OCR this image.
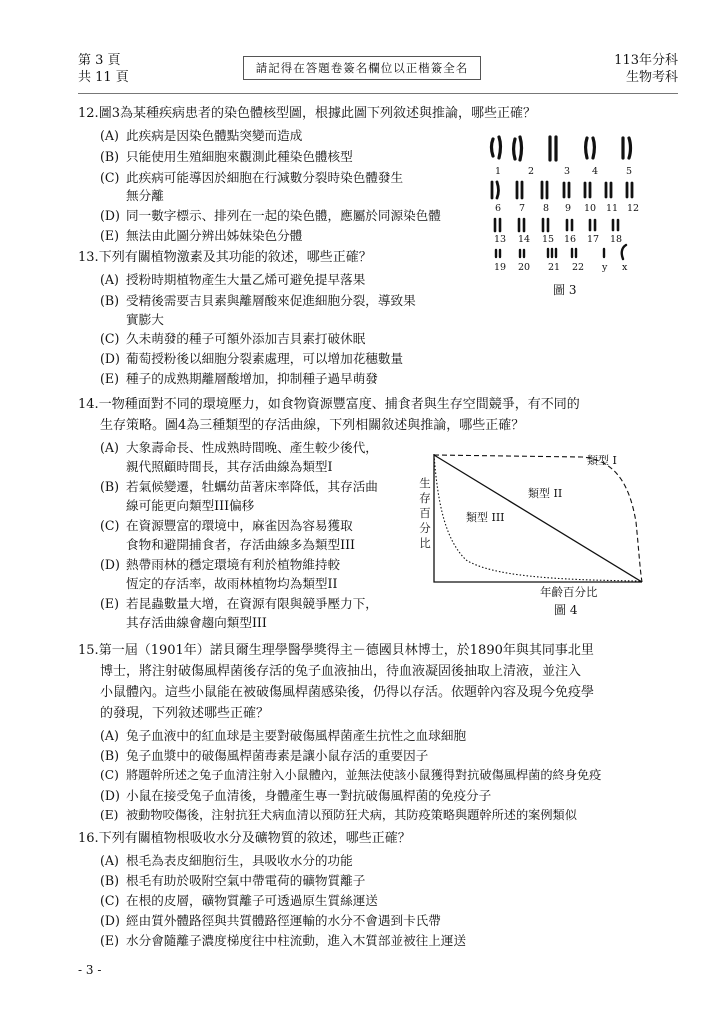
第 3 頁
共 11 頁
請記得在答題卷簽名欄位以正楷簽全名	113年分科
生物考科
12.圖3為某種疾病患者的染色體核型圖，根據此圖下列敘述與推論，哪些正確？
(A) 此疾病是因染色體點突變而造成
(B) 只能使用生殖細胞來觀測此種染色體核型
(C) 此疾病可能導因於細胞在行減數分裂時染色體發生
無分離
(D) 同一數字標示、排列在一起的染色體，應屬於同源染色體
(E) 無法由此圖分辨出姊妹染色分體
1	2	3 4	5
6 7 8 9 10 11 12
13 14 15 16 17 18
19 20 21 22 y x
圖 3
13.下列有關植物激素及其功能的敘述，哪些正確？
(A) 授粉時期植物產生大量乙烯可避免提早落果
(B) 受精後需要吉貝素與離層酸來促進細胞分裂，導致果
實膨大
(C) 久未萌發的種子可額外添加吉貝素打破休眠
(D) 葡萄授粉後以細胞分裂素處理，可以增加花穗數量
(E) 種子的成熟期離層酸增加，抑制種子過早萌發
14.一物種面對不同的環境壓力，如食物資源豐富度、捕食者與生存空間競爭，有不同的
生存策略。圖4為三種類型的存活曲線，下列相關敘述與推論，哪些正確？
(A) 大象壽命長、性成熟時間晚、產生較少後代，
親代照顧時間長，其存活曲線為類型I
(B) 若氣候變遷，牡蠣幼苗著床率降低，其存活曲
線可能更向類型III偏移
(C) 在資源豐富的環境中，麻雀因為容易獲取
食物和避開捕食者，存活曲線多為類型III
(D) 熱帶雨林的穩定環境有利於植物維持較
恆定的存活率，故雨林植物均為類型II
(E) 若昆蟲數量大增，在資源有限與競爭壓力下，
其存活曲線會趨向類型III
生
存
百
分
比
類型 I
類型 II
類型 III
年齡百分比
圖 4
15.第一屆（1901年）諾貝爾生理學醫學獎得主－德國貝林博士，於1890年與其同事北里
博士，將注射破傷風桿菌後存活的兔子血液抽出，待血液凝固後抽取上清液，並注入
小鼠體內。這些小鼠能在被破傷風桿菌感染後，仍得以存活。依題幹內容及現今免疫學
的發現，下列敘述哪些正確？
(A) 兔子血液中的紅血球是主要對破傷風桿菌產生抗性之血球細胞
(B) 兔子血漿中的破傷風桿菌毒素是讓小鼠存活的重要因子
(C) 將題幹所述之兔子血清注射入小鼠體內，並無法使該小鼠獲得對抗破傷風桿菌的終身免疫
(D) 小鼠在接受兔子血清後，身體產生專一對抗破傷風桿菌的免疫分子
(E) 被動物咬傷後，注射抗狂犬病血清以預防狂犬病，其防疫策略與題幹所述的案例類似
16.下列有關植物根吸收水分及礦物質的敘述，哪些正確？
(A) 根毛為表皮細胞衍生，具吸收水分的功能
(B) 根毛有助於吸附空氣中帶電荷的礦物質離子
(C) 在根的皮層，礦物質離子可透過原生質絲運送
(D) 經由質外體路徑與共質體路徑運輸的水分不會遇到卡氏帶
(E) 水分會隨離子濃度梯度往中柱流動，進入木質部並被往上運送
- 3 -
